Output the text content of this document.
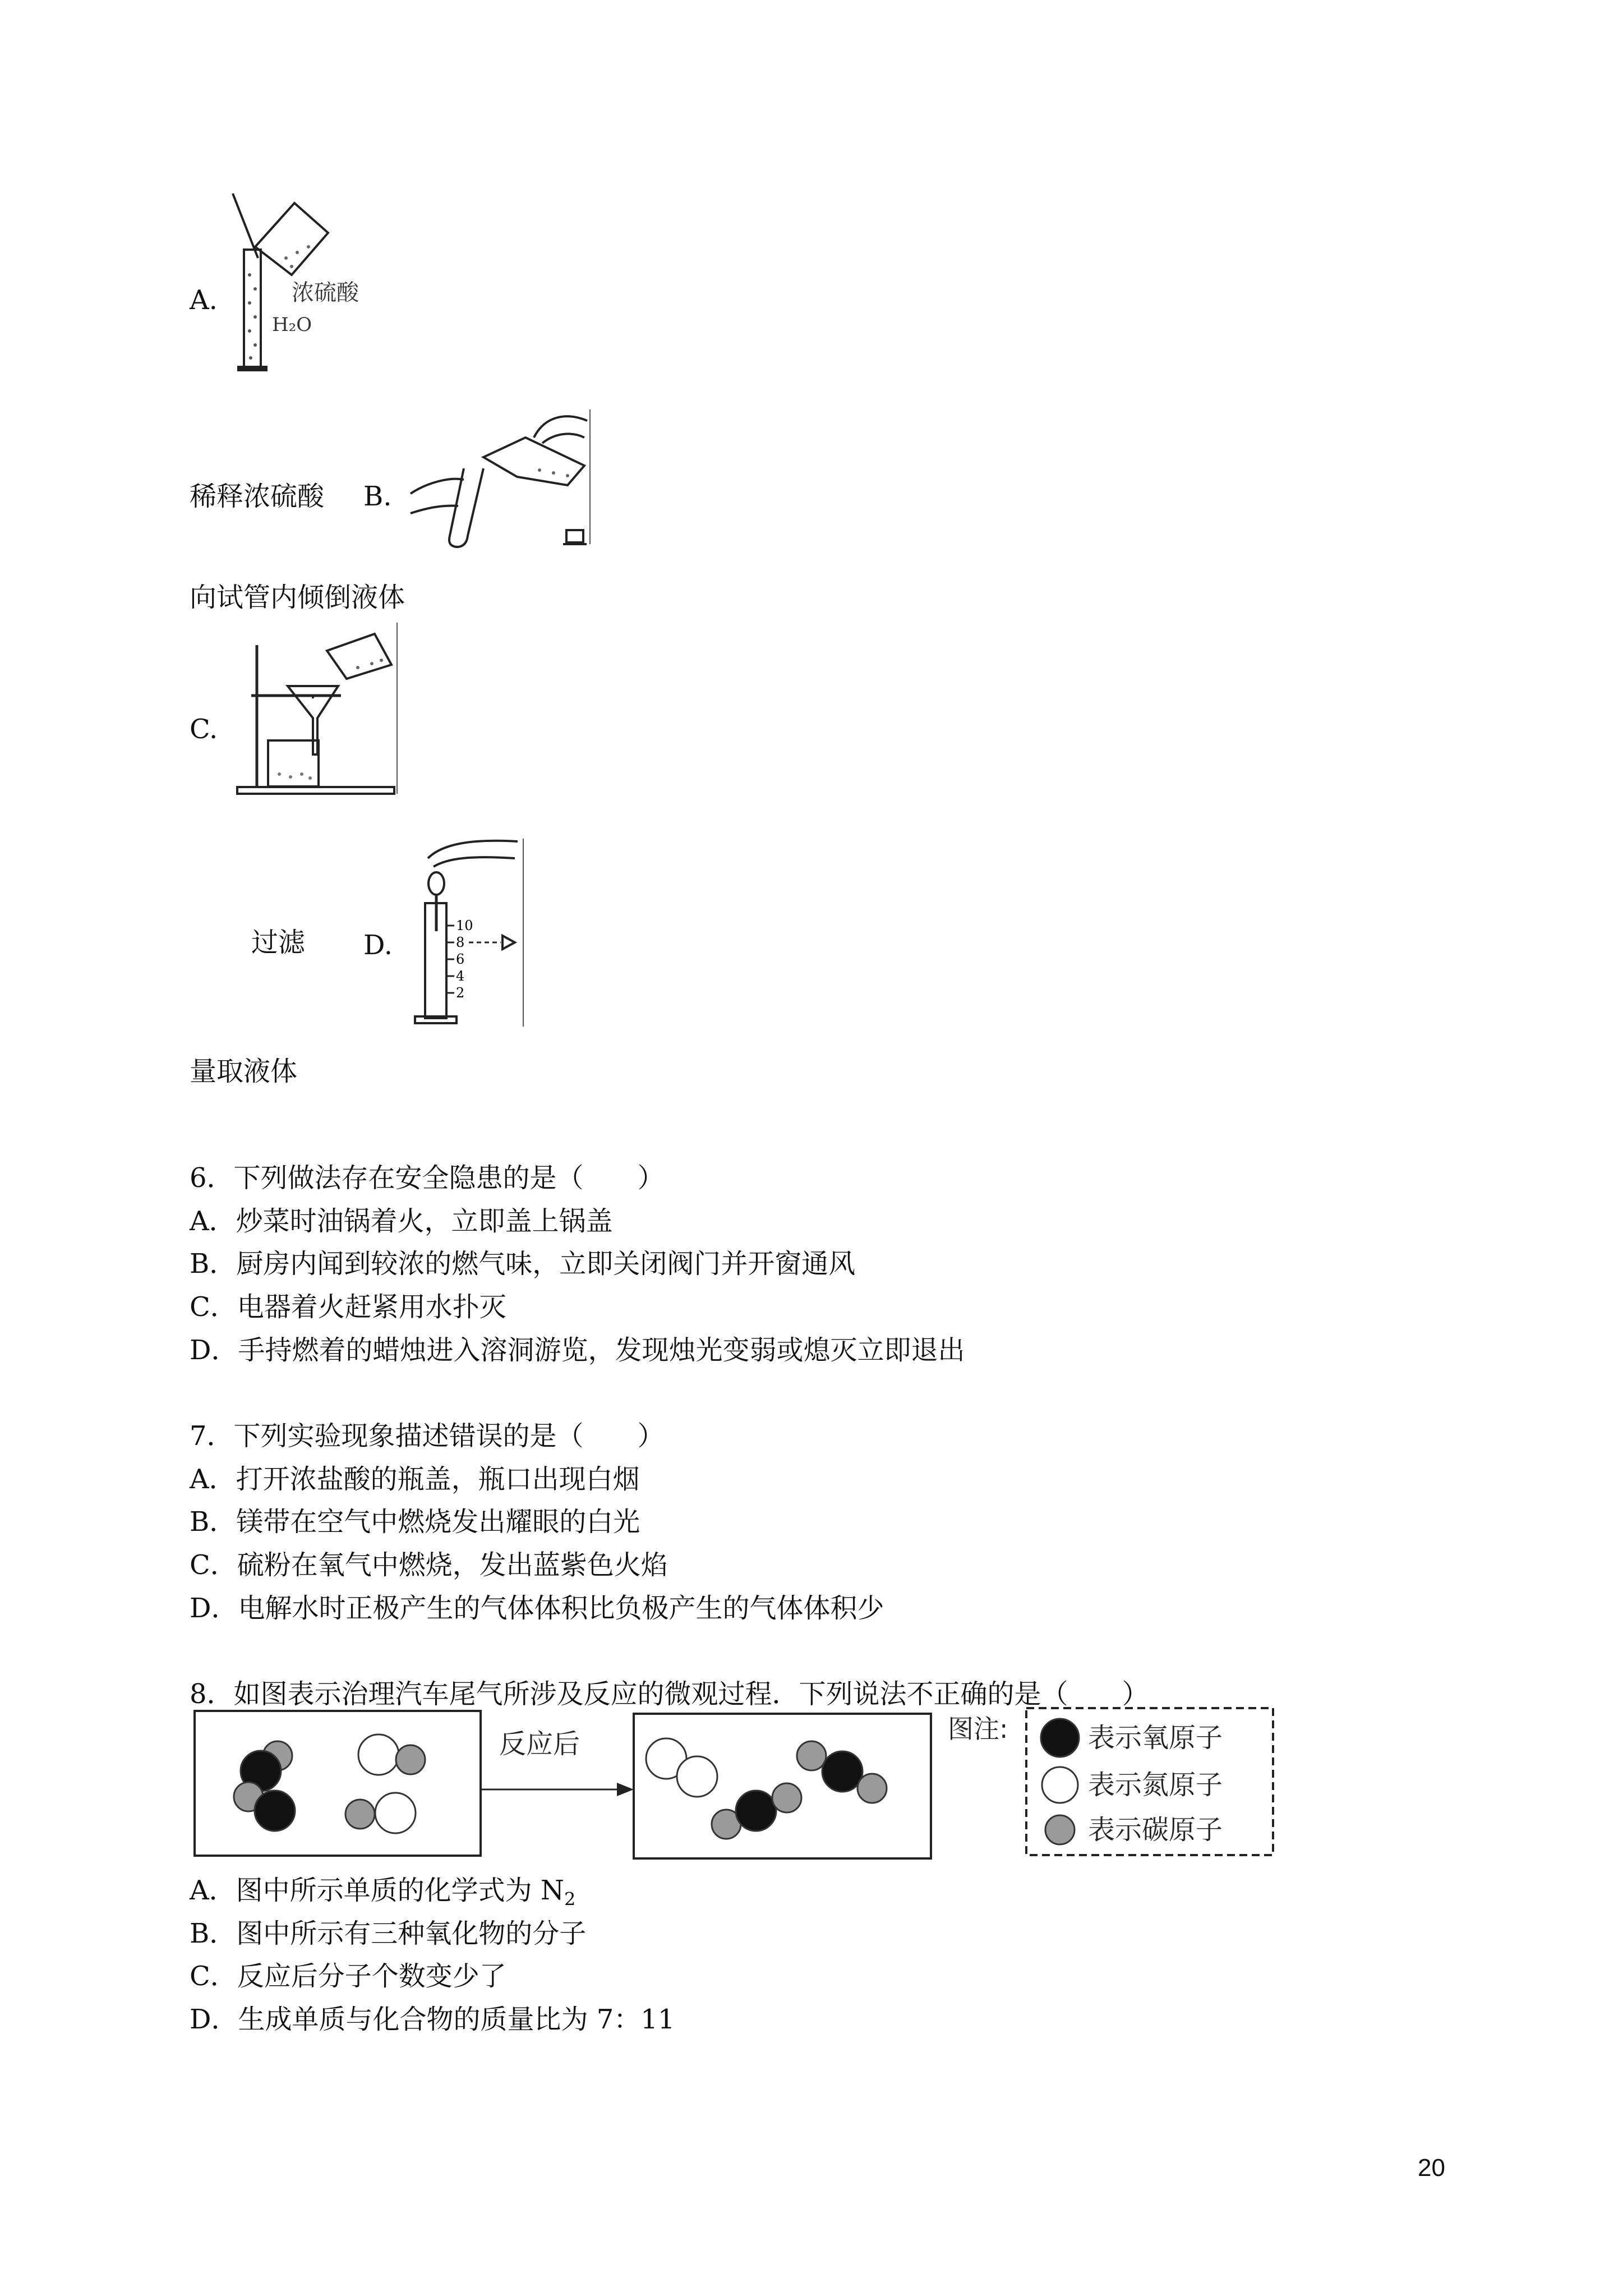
A.	浓硫酸
H₂O
稀释浓硫酸 B.
向试管内倾倒液体
C.
过滤 D.
10
8
6
4
2
量取液体
6．下列做法存在安全隐患的是（　　）
A．炒菜时油锅着火，立即盖上锅盖
B．厨房内闻到较浓的燃气味，立即关闭阀门并开窗通风
C．电器着火赶紧用水扑灭
D．手持燃着的蜡烛进入溶洞游览，发现烛光变弱或熄灭立即退出
7．下列实验现象描述错误的是（　　）
A．打开浓盐酸的瓶盖，瓶口出现白烟
B．镁带在空气中燃烧发出耀眼的白光
C．硫粉在氧气中燃烧，发出蓝紫色火焰
D．电解水时正极产生的气体体积比负极产生的气体体积少
8．如图表示治理汽车尾气所涉及反应的微观过程．下列说法不正确的是（　　）
反应后	图注:	表示氧原子
表示氮原子
表示碳原子
A．图中所示单质的化学式为 $N_2$
B．图中所示有三种氧化物的分子
C．反应后分子个数变少了
D．生成单质与化合物的质量比为 7：11
20
